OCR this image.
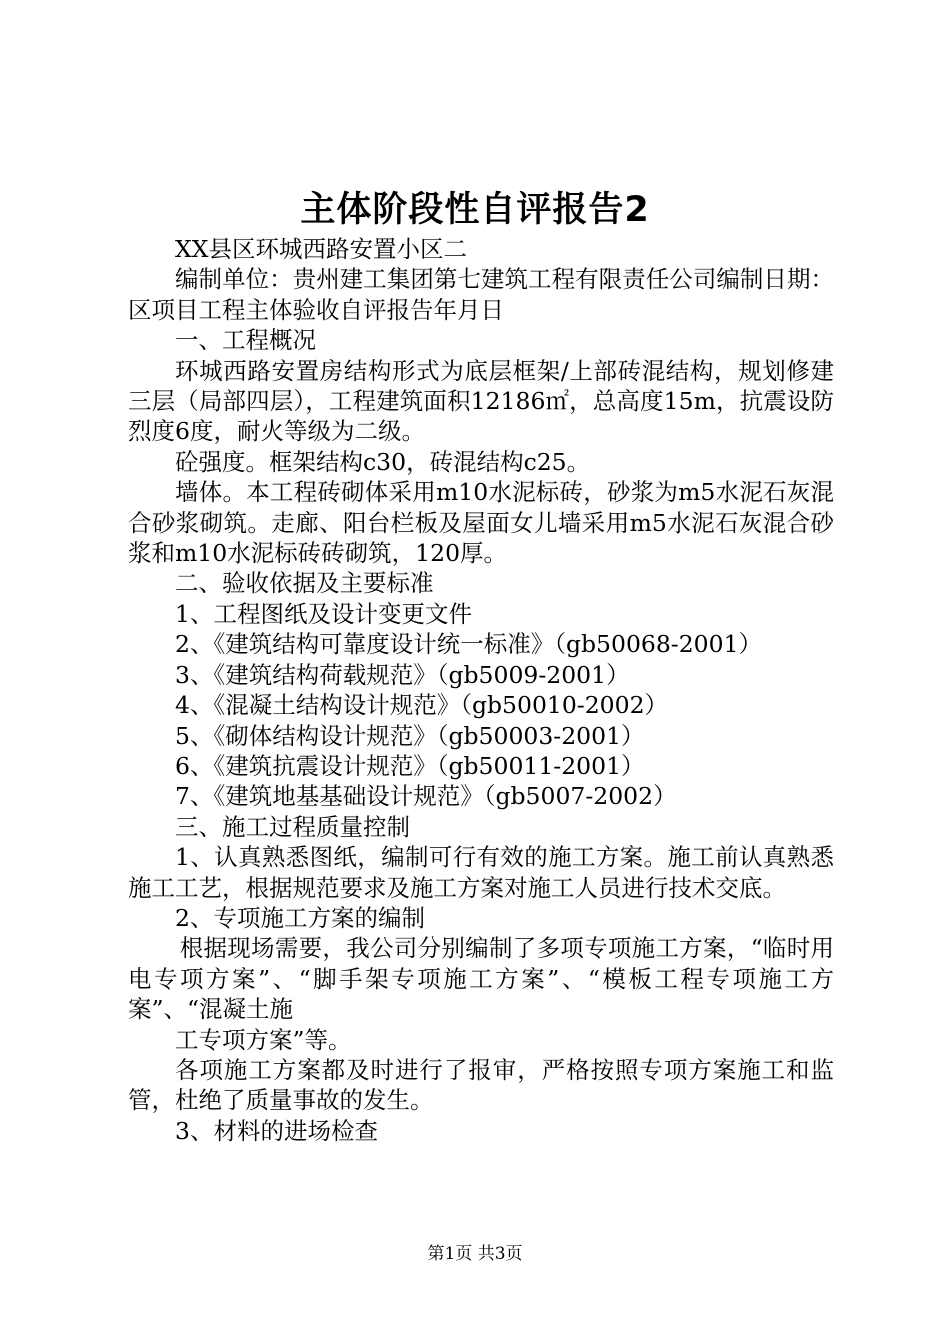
主体阶段性自评报告2

XX县区环城西路安置小区二

编制单位：贵州建工集团第七建筑工程有限责任公司编制日期：区项目工程主体验收自评报告年月日

一、工程概况

环城西路安置房结构形式为底层框架/上部砖混结构，规划修建三层（局部四层），工程建筑面积12186㎡，总高度15m，抗震设防烈度6度，耐火等级为二级。

砼强度。框架结构c30，砖混结构c25。

墙体。本工程砖砌体采用m10水泥标砖，砂浆为m5水泥石灰混合砂浆砌筑。走廊、阳台栏板及屋面女儿墙采用m5水泥石灰混合砂浆和m10水泥标砖砖砌筑，120厚。

二、验收依据及主要标准

1、工程图纸及设计变更文件

2、《建筑结构可靠度设计统一标准》（gb50068-2001）

3、《建筑结构荷载规范》（gb5009-2001）

4、《混凝土结构设计规范》（gb50010-2002）

5、《砌体结构设计规范》（gb50003-2001）

6、《建筑抗震设计规范》（gb50011-2001）

7、《建筑地基基础设计规范》（gb5007-2002）

三、施工过程质量控制

1、认真熟悉图纸，编制可行有效的施工方案。施工前认真熟悉施工工艺，根据规范要求及施工方案对施工人员进行技术交底。

2、专项施工方案的编制

根据现场需要，我公司分别编制了多项专项施工方案，“临时用电专项方案”、“脚手架专项施工方案”、“模板工程专项施工方案”、“混凝土施

工专项方案”等。

各项施工方案都及时进行了报审，严格按照专项方案施工和监管，杜绝了质量事故的发生。

3、材料的进场检查

第1页 共3页
